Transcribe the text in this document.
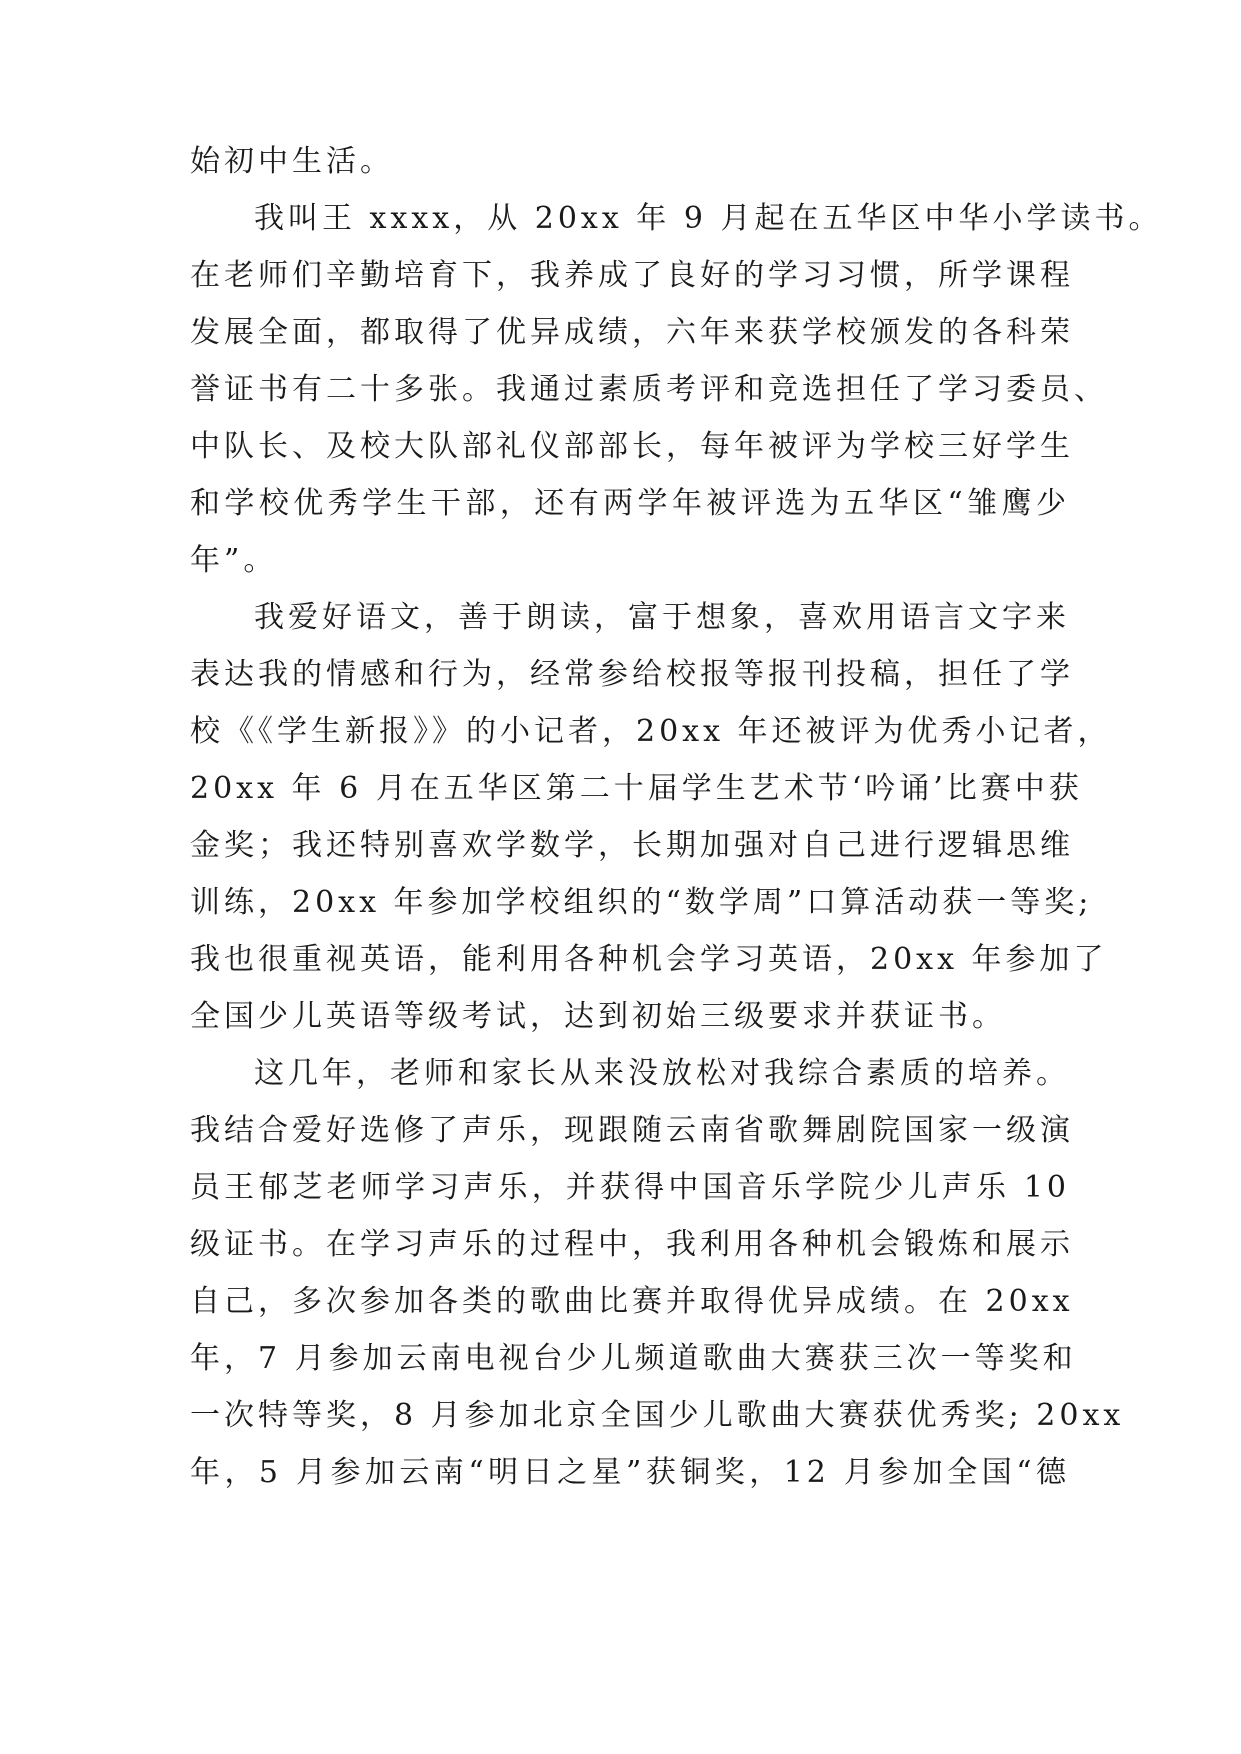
始初中生活。
我叫王 xxxx，从 20xx 年 9 月起在五华区中华小学读书。
在老师们辛勤培育下，我养成了良好的学习习惯，所学课程
发展全面，都取得了优异成绩，六年来获学校颁发的各科荣
誉证书有二十多张。我通过素质考评和竞选担任了学习委员、
中队长、及校大队部礼仪部部长，每年被评为学校三好学生
和学校优秀学生干部，还有两学年被评选为五华区“雏鹰少
年”。
我爱好语文，善于朗读，富于想象，喜欢用语言文字来
表达我的情感和行为，经常参给校报等报刊投稿，担任了学
校《《学生新报》》的小记者，20xx 年还被评为优秀小记者，
20xx 年 6 月在五华区第二十届学生艺术节‘吟诵’比赛中获
金奖；我还特别喜欢学数学，长期加强对自己进行逻辑思维
训练，20xx 年参加学校组织的“数学周”口算活动获一等奖;
我也很重视英语，能利用各种机会学习英语，20xx 年参加了
全国少儿英语等级考试，达到初始三级要求并获证书。
这几年，老师和家长从来没放松对我综合素质的培养。
我结合爱好选修了声乐，现跟随云南省歌舞剧院国家一级演
员王郁芝老师学习声乐，并获得中国音乐学院少儿声乐 10
级证书。在学习声乐的过程中，我利用各种机会锻炼和展示
自己，多次参加各类的歌曲比赛并取得优异成绩。在 20xx
年，7 月参加云南电视台少儿频道歌曲大赛获三次一等奖和
一次特等奖，8 月参加北京全国少儿歌曲大赛获优秀奖; 20xx
年，5 月参加云南“明日之星”获铜奖，12 月参加全国“德
